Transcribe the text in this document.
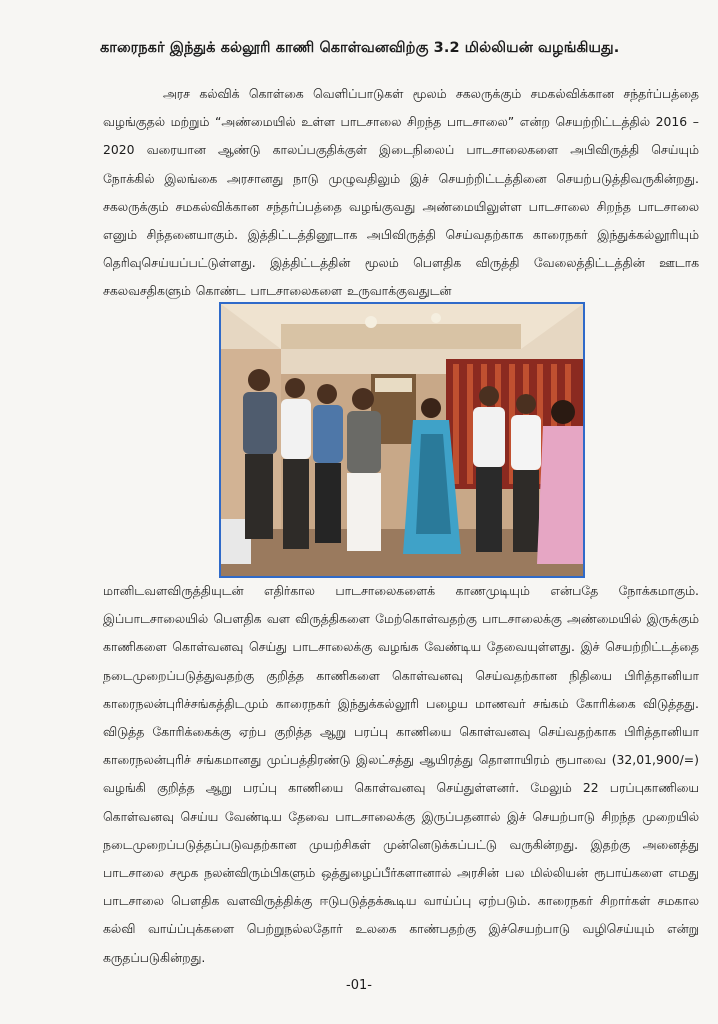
காரைநகர் இந்துக் கல்லூரி காணி கொள்வனவிற்கு 3.2 மில்லியன் வழங்கியது.

அரச கல்விக் கொள்கை வெளிப்பாடுகள் மூலம் சகலருக்கும் சமகல்விக்கான சந்தர்ப்பத்தை வழங்குதல் மற்றும் “அண்மையில் உள்ள பாடசாலை சிறந்த பாடசாலை” என்ற செயற்றிட்டத்தில் 2016 – 2020 வரையான ஆண்டு காலப்பகுதிக்குள் இடைநிலைப் பாடசாலைகளை அபிவிருத்தி செய்யும் நோக்கில் இலங்கை அரசானது நாடு முழுவதிலும் இச் செயற்றிட்டத்தினை செயற்படுத்திவருகின்றது. சகலருக்கும் சமகல்விக்கான சந்தர்ப்பத்தை வழங்குவது அண்மையிலுள்ள பாடசாலை சிறந்த பாடசாலை எனும் சிந்தனையாகும். இத்திட்டத்தினூடாக அபிவிருத்தி செய்வதற்காக காரைநகர் இந்துக்கல்லூரியும் தெரிவுசெய்யப்பட்டுள்ளது. இத்திட்டத்தின் மூலம் பௌதிக விருத்தி வேலைத்திட்டத்தின் ஊடாக சகலவசதிகளும் கொண்ட பாடசாலைகளை உருவாக்குவதுடன்

மானிடவளவிருத்தியுடன் எதிர்கால பாடசாலைகளைக் காணமுடியும் என்பதே நோக்கமாகும். இப்பாடசாலையில் பௌதிக வள விருத்திகளை மேற்கொள்வதற்கு பாடசாலைக்கு அண்மையில் இருக்கும் காணிகளை கொள்வனவு செய்து பாடசாலைக்கு வழங்க வேண்டிய தேவையுள்ளது. இச் செயற்றிட்டத்தை நடைமுறைப்படுத்துவதற்கு குறித்த காணிகளை கொள்வனவு செய்வதற்கான நிதியை பிரித்தானியா காரைநலன்புரிச்சங்கத்திடமும் காரைநகர் இந்துக்கல்லூரி பழைய மாணவர் சங்கம் கோரிக்கை விடுத்தது. விடுத்த கோரிக்கைக்கு ஏற்ப குறித்த ஆறு பரப்பு காணியை கொள்வனவு செய்வதற்காக பிரித்தானியா காரைநலன்புரிச் சங்கமானது முப்பத்திரண்டு இலட்சத்து ஆயிரத்து தொளாயிரம் ரூபாவை (32,01,900/=) வழங்கி குறித்த ஆறு பரப்பு காணியை கொள்வனவு செய்துள்ளனர். மேலும் 22 பரப்புகாணியை கொள்வனவு செய்ய வேண்டிய தேவை பாடசாலைக்கு இருப்பதனால் இச் செயற்பாடு சிறந்த முறையில் நடைமுறைப்படுத்தப்படுவதற்கான முயற்சிகள் முன்னெடுக்கப்பட்டு வருகின்றது. இதற்கு அனைத்து பாடசாலை சமூக நலன்விரும்பிகளும் ஒத்துழைப்பீர்களானால் அரசின் பல மில்லியன் ரூபாய்களை எமது பாடசாலை பௌதிக வளவிருத்திக்கு ஈடுபடுத்தக்கூடிய வாய்ப்பு ஏற்படும். காரைநகர் சிறார்கள் சமகால கல்வி வாய்ப்புக்களை பெற்றுநல்லதோர் உலகை காண்பதற்கு இச்செயற்பாடு வழிசெய்யும் என்று கருதப்படுகின்றது.

-01-
